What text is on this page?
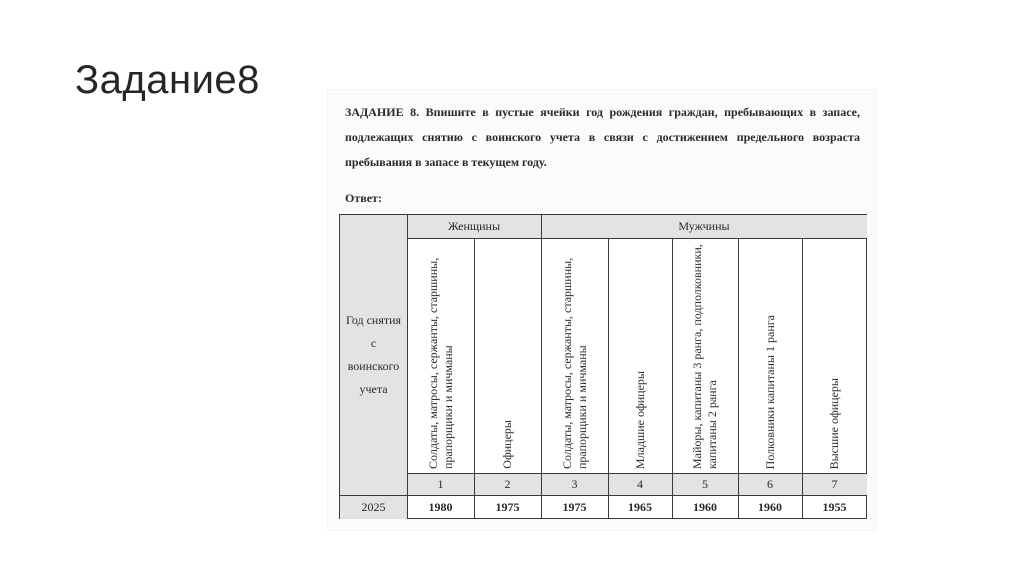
Задание8

ЗАДАНИЕ 8. Впишите в пустые ячейки год рождения граждан, пребывающих в запасе, подлежащих снятию с воинского учета в связи с достижением предельного возраста пребывания в запасе в текущем году.

Ответ:

Год снятия с воинского учета
Женщины	Мужчины
Солдаты, матросы, сержанты, старшины, прапорщики и мичманы	Офицеры	Солдаты, матросы, сержанты, старшины, прапорщики и мичманы	Младшие офицеры	Майоры, капитаны 3 ранга, подполковники, капитаны 2 ранга	Полковники капитаны 1 ранга	Высшие офицеры
1	2	3	4	5	6	7
2025	1980	1975	1975	1965	1960	1960	1955
